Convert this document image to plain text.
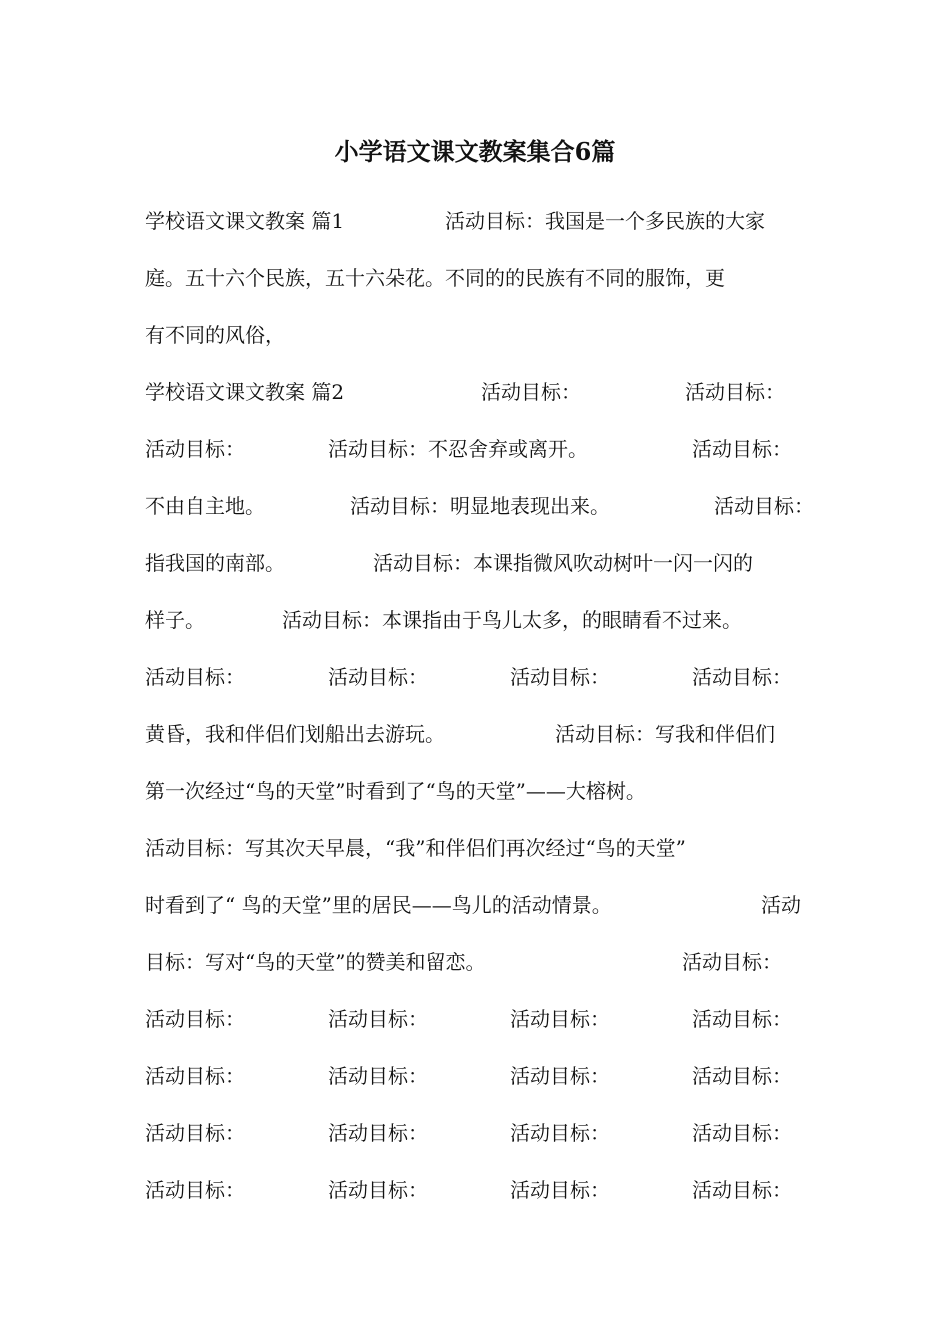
小学语文课文教案集合6篇
学校语文课文教案 篇1	活动目标：我国是一个多民族的大家
庭。五十六个民族，五十六朵花。不同的的民族有不同的服饰，更
有不同的风俗，
学校语文课文教案 篇2	活动目标：	活动目标：
活动目标：	活动目标：不忍舍弃或离开。	活动目标：
不由自主地。	活动目标：明显地表现出来。	活动目标：
指我国的南部。	活动目标：本课指微风吹动树叶一闪一闪的
样子。	活动目标：本课指由于鸟儿太多，的眼睛看不过来。
活动目标：	活动目标：	活动目标：	活动目标：
黄昏，我和伴侣们划船出去游玩。	活动目标：写我和伴侣们
第一次经过“鸟的天堂”时看到了“鸟的天堂”——大榕树。
活动目标：写其次天早晨，“我”和伴侣们再次经过“鸟的天堂”
时看到了“ 鸟的天堂”里的居民——鸟儿的活动情景。	活动
目标：写对“鸟的天堂”的赞美和留恋。	活动目标：
活动目标：	活动目标：	活动目标：	活动目标：
活动目标：	活动目标：	活动目标：	活动目标：
活动目标：	活动目标：	活动目标：	活动目标：
活动目标：	活动目标：	活动目标：	活动目标：
